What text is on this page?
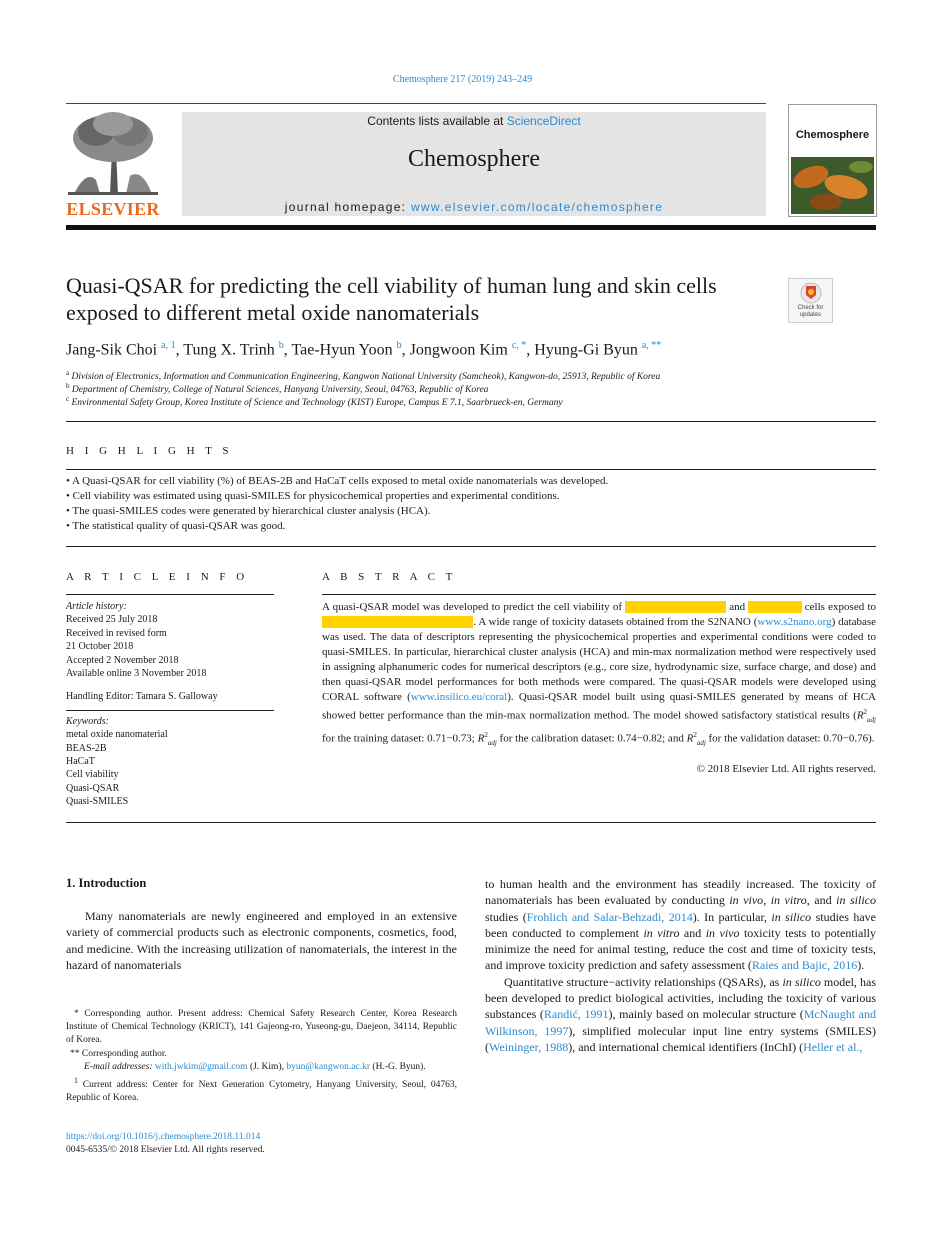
Chemosphere 217 (2019) 243–249
ELSEVIER
Contents lists available at ScienceDirect
Chemosphere
journal homepage: www.elsevier.com/locate/chemosphere
Chemosphere
Quasi-QSAR for predicting the cell viability of human lung and skin cells exposed to different metal oxide nanomaterials	Check for updates
Jang-Sik Choi $^{a, 1}$, Tung X. Trinh $^b$, Tae-Hyun Yoon $^b$, Jongwoon Kim $^{c, *}$, Hyung-Gi Byun $^{a, **}$
$^a$ Division of Electronics, Information and Communication Engineering, Kangwon National University (Samcheok), Kangwon-do, 25913, Republic of Korea
$^b$ Department of Chemistry, College of Natural Sciences, Hanyang University, Seoul, 04763, Republic of Korea
$^c$ Environmental Safety Group, Korea Institute of Science and Technology (KIST) Europe, Campus E 7.1, Saarbrueck-en, Germany
H I G H L I G H T S
• A Quasi-QSAR for cell viability (%) of BEAS-2B and HaCaT cells exposed to metal oxide nanomaterials was developed.
• Cell viability was estimated using quasi-SMILES for physicochemical properties and experimental conditions.
• The quasi-SMILES codes were generated by hierarchical cluster analysis (HCA).
• The statistical quality of quasi-QSAR was good.
A R T I C L E I N F O
Article history:
Received 25 July 2018
Received in revised form
21 October 2018
Accepted 2 November 2018
Available online 3 November 2018
Handling Editor: Tamara S. Galloway
Keywords:
metal oxide nanomaterial
BEAS-2B
HaCaT
Cell viability
Quasi-QSAR
Quasi-SMILES
A B S T R A C T
A quasi-QSAR model was developed to predict the cell viability of human lung BEAS-2B and skin HaCaT cells exposed to metal oxide nanomaterials in vitro. A wide range of toxicity datasets obtained from the S2NANO (www.s2nano.org) database was used. The data of descriptors representing the physicochemical properties and experimental conditions were coded to quasi-SMILES. In particular, hierarchical cluster analysis (HCA) and min-max normalization method were respectively used in assigning alphanumeric codes for numerical descriptors (e.g., core size, hydrodynamic size, surface charge, and dose) and then quasi-QSAR model performances for both methods were compared. The quasi-QSAR models were developed using CORAL software (www.insilico.eu/coral). Quasi-QSAR model built using quasi-SMILES generated by means of HCA showed better performance than the min-max normalization method. The model showed satisfactory statistical results ($R^2_{adj}$ for the training dataset: 0.71−0.73; $R^2_{adj}$ for the calibration dataset: 0.74−0.82; and $R^2_{adj}$ for the validation dataset: 0.70−0.76).
© 2018 Elsevier Ltd. All rights reserved.
1. Introduction
Many nanomaterials are newly engineered and employed in an extensive variety of commercial products such as electronic components, cosmetics, food, and medicine. With the increasing utilization of nanomaterials, the interest in the hazard of nanomaterials
to human health and the environment has steadily increased. The toxicity of nanomaterials has been evaluated by conducting in vivo, in vitro, and in silico studies (Frohlich and Salar-Behzadi, 2014). In particular, in silico studies have been conducted to complement in vitro and in vivo toxicity tests to potentially minimize the need for animal testing, reduce the cost and time of toxicity tests, and improve toxicity prediction and safety assessment (Raies and Bajic, 2016).
Quantitative structure−activity relationships (QSARs), as in silico model, has been developed to predict biological activities, including the toxicity of various substances (Randić, 1991), mainly based on molecular structure (McNaught and Wilkinson, 1997), simplified molecular input line entry systems (SMILES) (Weininger, 1988), and international chemical identifiers (InChI) (Heller et al.,
* Corresponding author. Present address: Chemical Safety Research Center, Korea Research Institute of Chemical Technology (KRICT), 141 Gajeong-ro, Yuseong-gu, Daejeon, 34114, Republic of Korea.
** Corresponding author.
E-mail addresses: with.jwkim@gmail.com (J. Kim), byun@kangwon.ac.kr (H.-G. Byun).
$^1$ Current address: Center for Next Generation Cytometry, Hanyang University, Seoul, 04763, Republic of Korea.
https://doi.org/10.1016/j.chemosphere.2018.11.014
0045-6535/© 2018 Elsevier Ltd. All rights reserved.
